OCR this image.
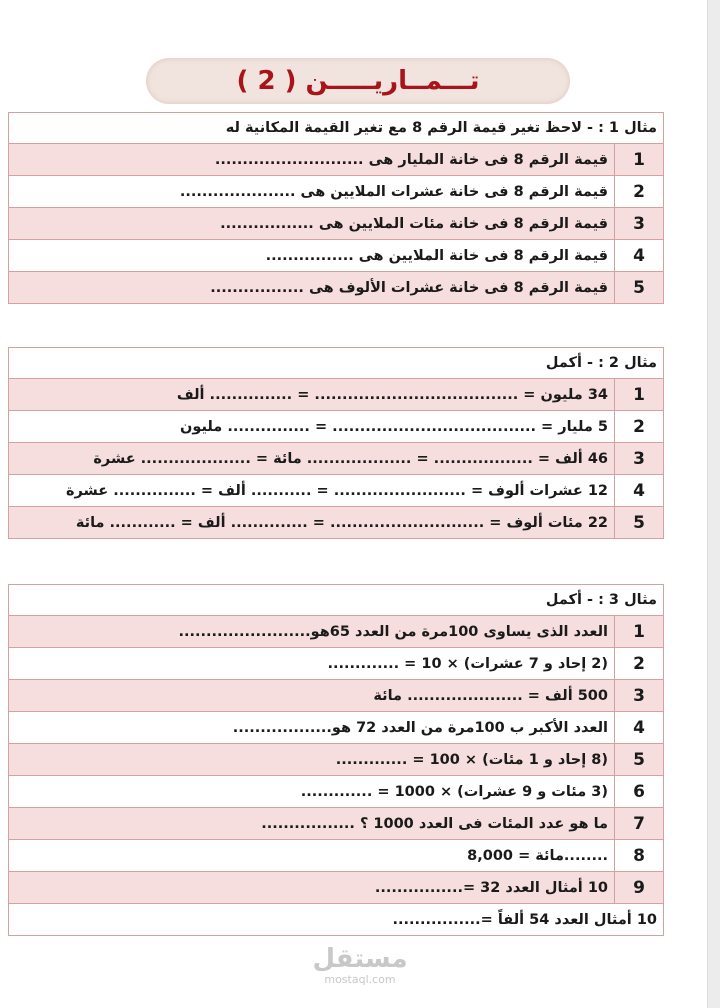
تـــمــاريـــــن ( 2 )
مثال 1 : - لاحظ تغير قيمة الرقم 8 مع تغير القيمة المكانية له	
1	قيمة الرقم 8 فى خانة المليار هى ...........................
2	قيمة الرقم 8 فى خانة عشرات الملايين هى .....................
3	قيمة الرقم 8 فى خانة مئات الملايين هى .................
4	قيمة الرقم 8 فى خانة الملايين هى ................
5	قيمة الرقم 8 فى خانة عشرات الألوف هى .................
مثال 2 : - أكمل	
1	34 مليون = ..................................... = ............... ألف
2	5 مليار = ..................................... = ............... مليون
3	46 ألف = .................. = ................... مائة = .................... عشرة
4	12 عشرات ألوف = ........................ = ........... ألف = ............... عشرة
5	22 مئات ألوف = ............................ = .............. ألف = ............ مائة
مثال 3 : - أكمل	
1	العدد الذى يساوى 100مرة من العدد 65هو........................
2	(2 إحاد و 7 عشرات) × 10 = .............
3	500 ألف = ..................... مائة
4	العدد الأكبر ب 100مرة من العدد 72 هو..................
5	(8 إحاد و 1 مئات) × 100 = .............
6	(3 مئات و 9 عشرات) × 1000 = .............
7	ما هو عدد المئات فى العدد 1000 ؟ .................
8	........مائة = 8,000
9	10 أمثال العدد 32 =................
10 أمثال العدد 54 ألفاً =................	
مستقل
mostaql.com
